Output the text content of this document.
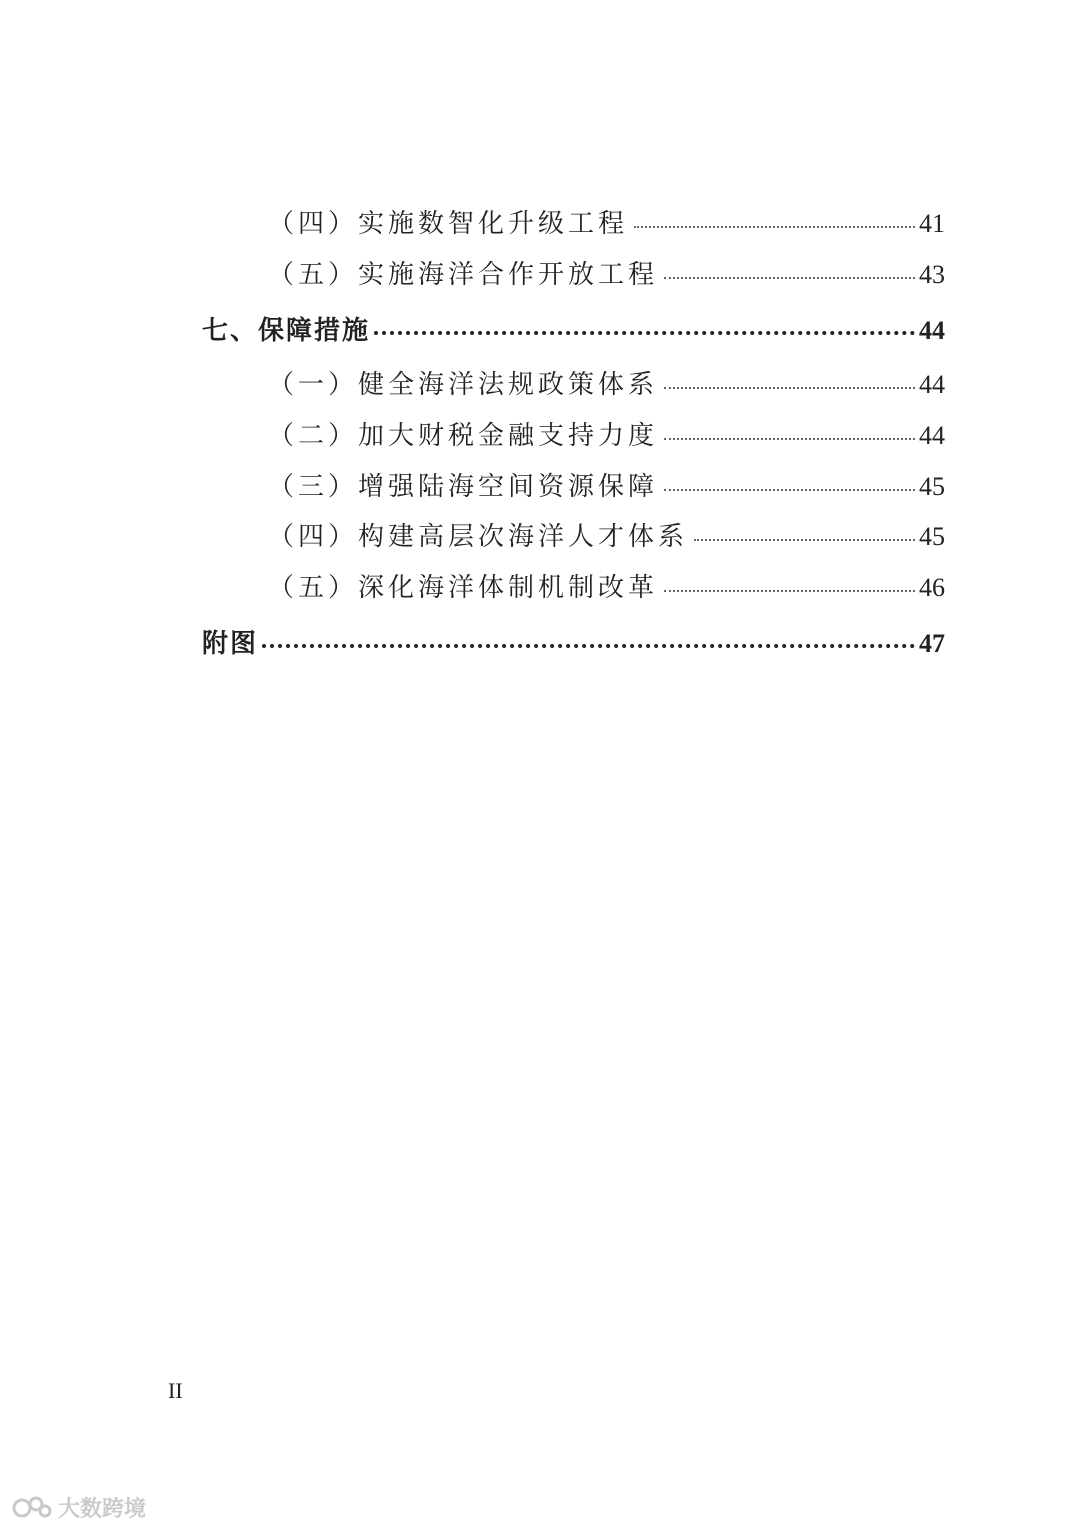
（四）实施数智化升级工程	41
（五）实施海洋合作开放工程	43
七、保障措施	44
（一）健全海洋法规政策体系	44
（二）加大财税金融支持力度	44
（三）增强陆海空间资源保障	45
（四）构建高层次海洋人才体系	45
（五）深化海洋体制机制改革	46
附图	47
II
大数跨境
